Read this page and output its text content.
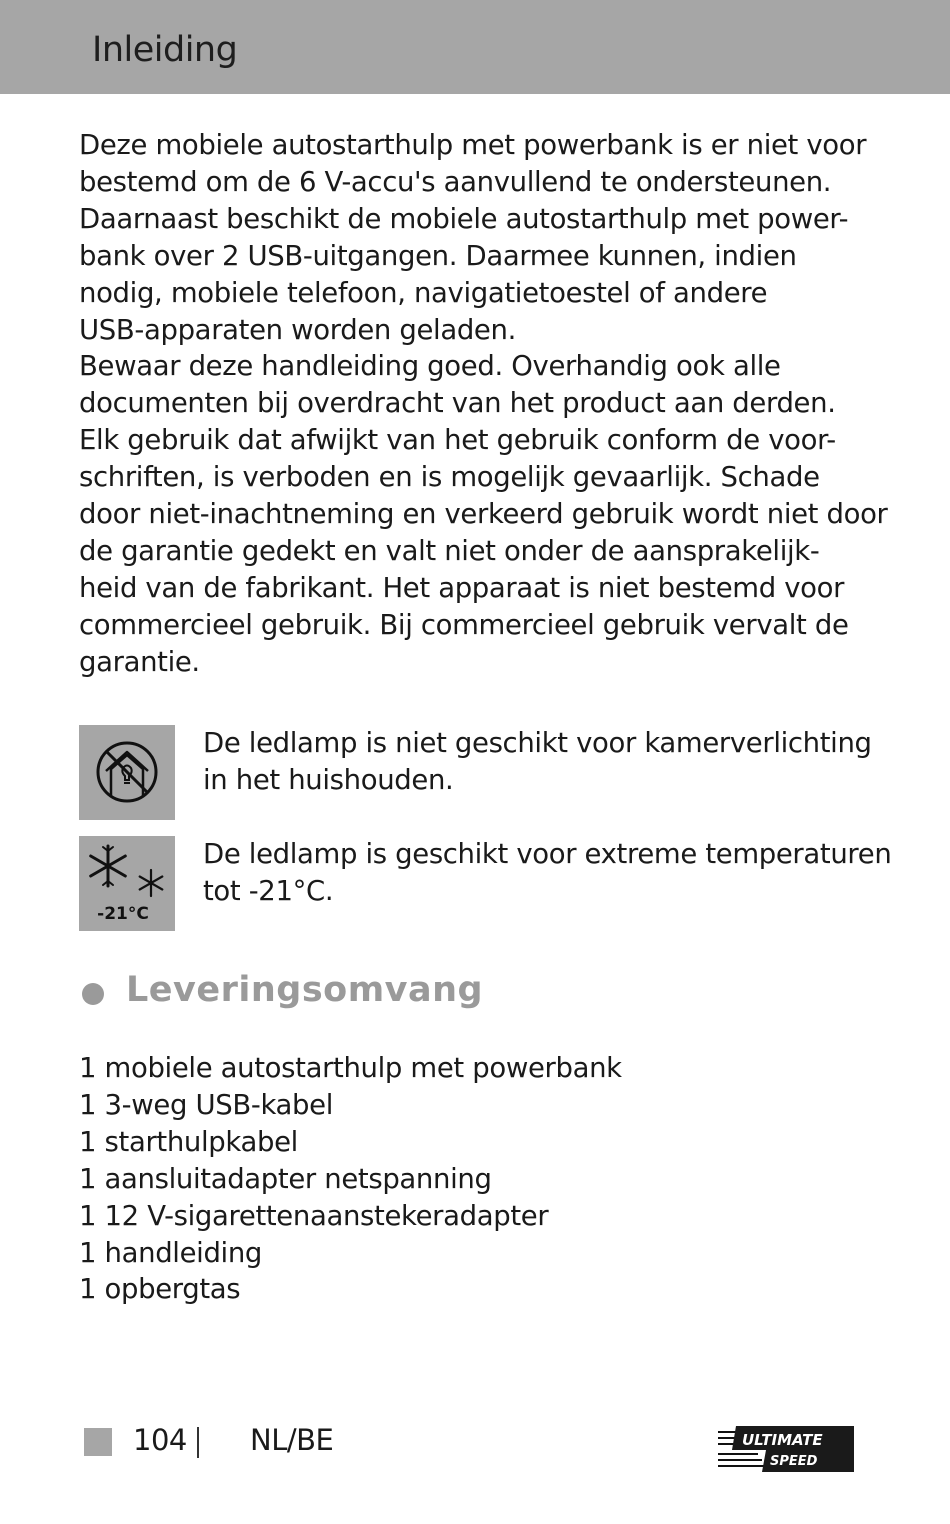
Inleiding
Deze mobiele autostarthulp met powerbank is er niet voor
bestemd om de 6 V-accu's aanvullend te ondersteunen.
Daarnaast beschikt de mobiele autostarthulp met power-
bank over 2 USB-uitgangen. Daarmee kunnen, indien
nodig, mobiele telefoon, navigatietoestel of andere
USB-apparaten worden geladen.
Bewaar deze handleiding goed. Overhandig ook alle
documenten bij overdracht van het product aan derden.
Elk gebruik dat afwijkt van het gebruik conform de voor-
schriften, is verboden en is mogelijk gevaarlijk. Schade
door niet-inachtneming en verkeerd gebruik wordt niet door
de garantie gedekt en valt niet onder de aansprakelijk-
heid van de fabrikant. Het apparaat is niet bestemd voor
commercieel gebruik. Bij commercieel gebruik vervalt de
garantie.
De ledlamp is niet geschikt voor kamerverlichting
in het huishouden.
-21°C
De ledlamp is geschikt voor extreme temperaturen
tot -21°C.
Leveringsomvang
1 mobiele autostarthulp met powerbank
1 3-weg USB-kabel
1 starthulpkabel
1 aansluitadapter netspanning
1 12 V-sigarettenaanstekeradapter
1 handleiding
1 opbergtas
104 NL/BE	ULTIMATE
SPEED
